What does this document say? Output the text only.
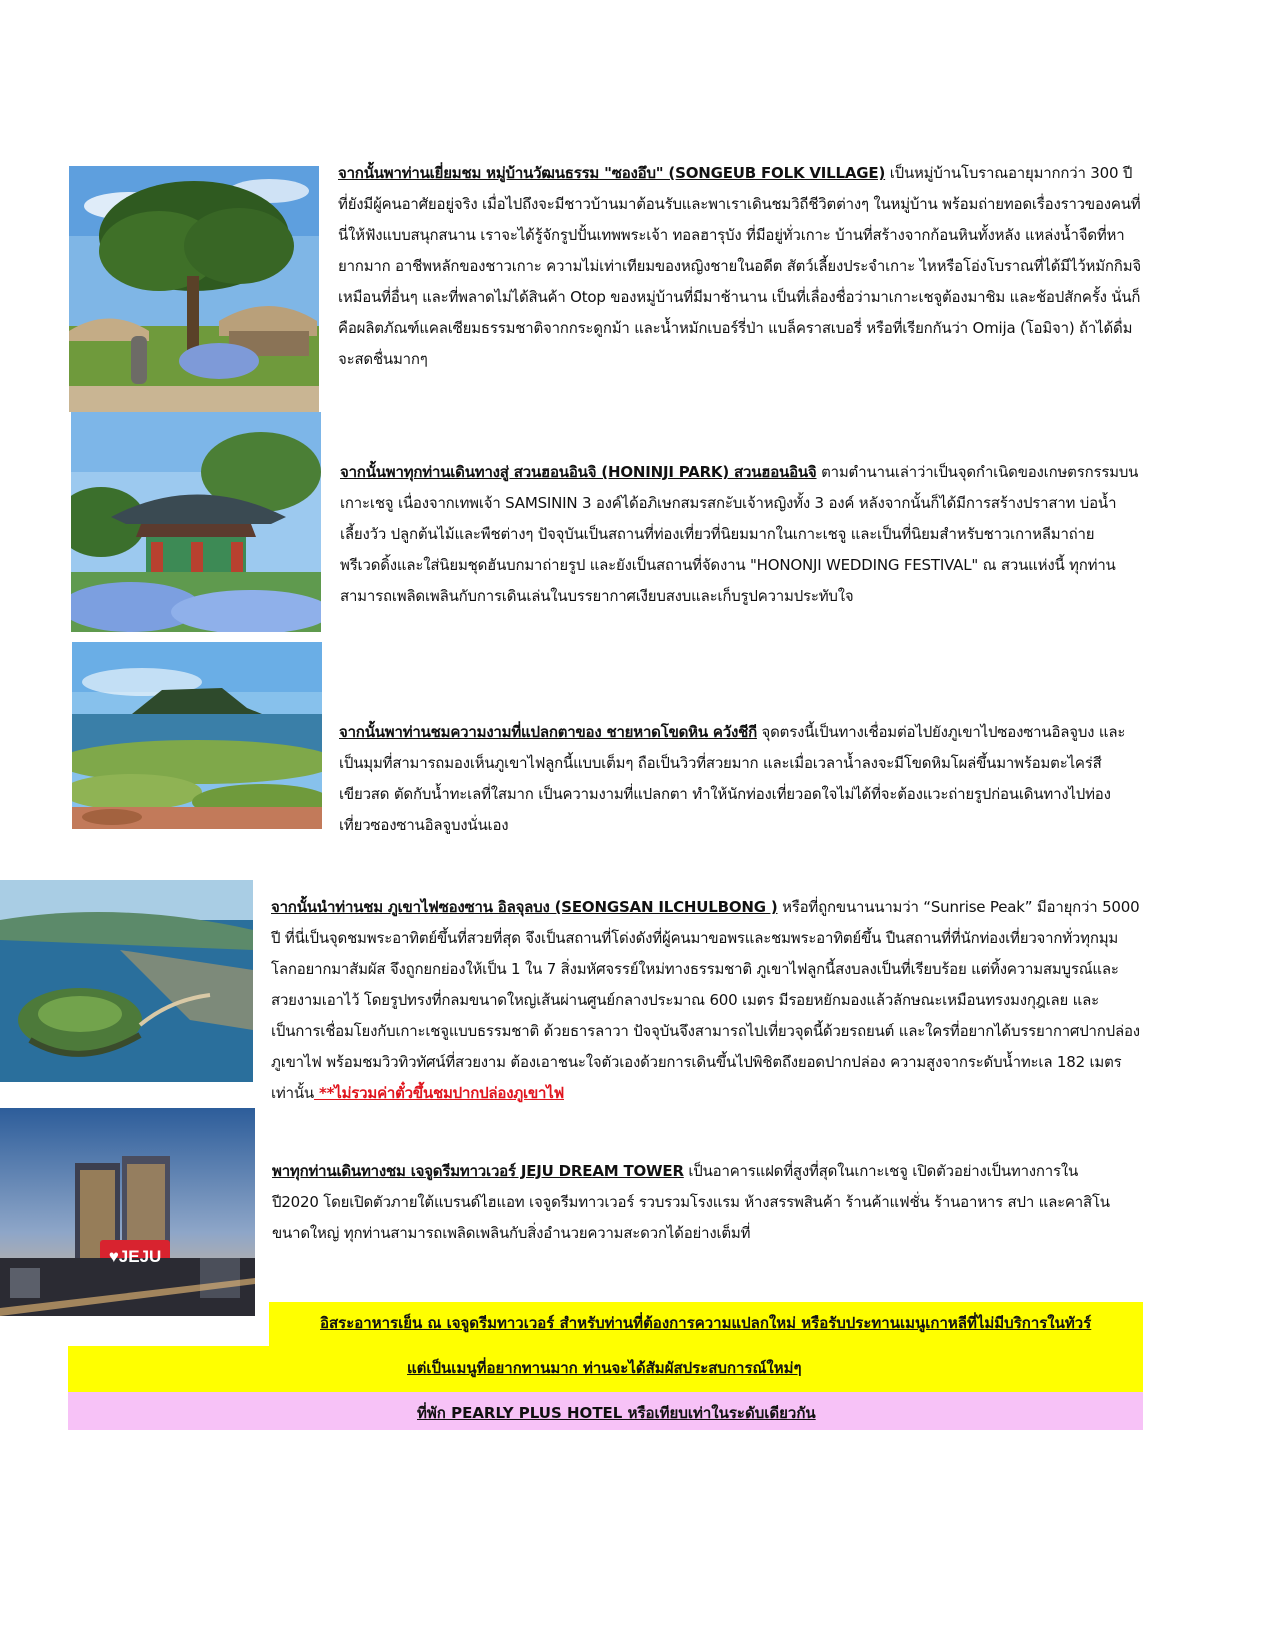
จากนั้นพาท่านเยี่ยมชม หมู่บ้านวัฒนธรรม "ซองอึบ" (SONGEUB FOLK VILLAGE) เป็นหมู่บ้านโบราณอายุมากกว่า 300 ปี ที่ยังมีผู้คนอาศัยอยู่จริง เมื่อไปถึงจะมีชาวบ้านมาต้อนรับและพาเราเดินชมวิถีชีวิตต่างๆ ในหมู่บ้าน พร้อมถ่ายทอดเรื่องราวของคนที่นี่ให้ฟังแบบสนุกสนาน เราจะได้รู้จักรูปปั้นเทพพระเจ้า ทอลฮารุบัง ที่มีอยู่ทั่วเกาะ บ้านที่สร้างจากก้อนหินทั้งหลัง แหล่งน้ำจืดที่หายากมาก อาชีพหลักของชาวเกาะ ความไม่เท่าเทียมของหญิงชายในอดีต สัตว์เลี้ยงประจำเกาะ ไหหรือโอ่งโบราณที่ได้มีไว้หมักกิมจิ เหมือนที่อื่นๆ และที่พลาดไม่ได้สินค้า Otop ของหมู่บ้านที่มีมาช้านาน เป็นที่เลื่องชื่อว่ามาเกาะเชจูต้องมาชิม และช้อปสักครั้ง นั่นก็คือผลิตภัณฑ์แคลเซียมธรรมชาติจากกระดูกม้า และน้ำหมักเบอร์รี่ป่า แบล็คราสเบอรี่ หรือที่เรียกกันว่า Omija (โอมิจา) ถ้าได้ดื่มจะสดชื่นมากๆ

จากนั้นพาทุกท่านเดินทางสู่ สวนฮอนอินจิ (HONINJI PARK) สวนฮอนอินจิ ตามตำนานเล่าว่าเป็นจุดกำเนิดของเกษตรกรรมบนเกาะเชจู เนื่องจากเทพเจ้า SAMSININ 3 องค์ได้อภิเษกสมรสกะับเจ้าหญิงทั้ง 3 องค์ หลังจากนั้นก็ได้มีการสร้างปราสาท บ่อน้ำ เลี้ยงวัว ปลูกต้นไม้และพืชต่างๆ ปัจจุบันเป็นสถานที่ท่องเที่ยวที่นิยมมากในเกาะเชจู และเป็นที่นิยมสำหรับชาวเกาหลีมาถ่ายพรีเวดดิ้งและใส่นิยมชุดฮันบกมาถ่ายรูป และยังเป็นสถานที่จัดงาน "HONONJI WEDDING FESTIVAL" ณ สวนแห่งนี้ ทุกท่านสามารถเพลิดเพลินกับการเดินเล่นในบรรยากาศเงียบสงบและเก็บรูปความประทับใจ

จากนั้นพาท่านชมความงามที่แปลกตาของ ชายหาดโขดหิน ควังชีกี จุดตรงนี้เป็นทางเชื่อมต่อไปยังภูเขาไปซองซานอิลจูบง และเป็นมุมที่สามารถมองเห็นภูเขาไฟลูกนี้แบบเต็มๆ ถือเป็นวิวที่สวยมาก และเมื่อเวลาน้ำลงจะมีโขดหิมโผล่ขึ้นมาพร้อมตะไคร่สีเขียวสด ตัดกับน้ำทะเลที่ใสมาก เป็นความงามที่แปลกตา ทำให้นักท่องเที่ยวอดใจไม่ได้ที่จะต้องแวะถ่ายรูปก่อนเดินทางไปท่องเที่ยวซองซานอิลจูบงนั่นเอง

จากนั้นนำท่านชม ภูเขาไฟซองซาน อิลจุลบง (SEONGSAN ILCHULBONG ) หรือที่ถูกขนานนามว่า “Sunrise Peak” มีอายุกว่า 5000 ปี ที่นี่เป็นจุดชมพระอาทิตย์ขึ้นที่สวยที่สุด จึงเป็นสถานที่โด่งดังที่ผู้คนมาขอพรและชมพระอาทิตย์ขึ้น ปืนสถานที่ที่นักท่องเที่ยวจากทั่วทุกมุมโลกอยากมาสัมผัส จึงถูกยกย่องให้เป็น 1 ใน 7 สิ่งมหัศจรรย์ใหม่ทางธรรมชาติ ภูเขาไฟลูกนี้สงบลงเป็นที่เรียบร้อย แต่ทิ้งความสมบูรณ์และสวยงามเอาไว้ โดยรูปทรงที่กลมขนาดใหญ่เส้นผ่านศูนย์กลางประมาณ 600 เมตร มีรอยหยักมองแล้วลักษณะเหมือนทรงมงกุฎเลย และเป็นการเชื่อมโยงกับเกาะเชจูแบบธรรมชาติ ด้วยธารลาวา ปัจจุบันจึงสามารถไปเที่ยวจุดนี้ด้วยรถยนต์ และใครที่อยากได้บรรยากาศปากปล่องภูเขาไฟ พร้อมชมวิวทิวทัศน์ที่สวยงาม ต้องเอาชนะใจตัวเองด้วยการเดินขึ้นไปพิชิตถึงยอดปากปล่อง ความสูงจากระดับน้ำทะเล 182 เมตรเท่านั้น **ไม่รวมค่าตั๋วขึ้นชมปากปล่องภูเขาไฟ

♥JEJU

พาทุกท่านเดินทางชม เจจูดรีมทาวเวอร์ JEJU DREAM TOWER เป็นอาคารแฝดที่สูงที่สุดในเกาะเชจู เปิดตัวอย่างเป็นทางการในปี2020 โดยเปิดตัวภายใต้แบรนด์ไฮแอท เจจูดรีมทาวเวอร์ รวบรวมโรงแรม ห้างสรรพสินค้า ร้านค้าแฟชั่น ร้านอาหาร สปา และคาสิโนขนาดใหญ่ ทุกท่านสามารถเพลิดเพลินกับสิ่งอำนวยความสะดวกได้อย่างเต็มที่

อิสระอาหารเย็น ณ เจจูดรีมทาวเวอร์ สำหรับท่านที่ต้องการความแปลกใหม่ หรือรับประทานเมนูเกาหลีที่ไม่มีบริการในทัวร์
แต่เป็นเมนูที่อยากทานมาก ท่านจะได้สัมผัสประสบการณ์ใหม่ๆ
ที่พัก PEARLY PLUS HOTEL หรือเทียบเท่าในระดับเดียวกัน
